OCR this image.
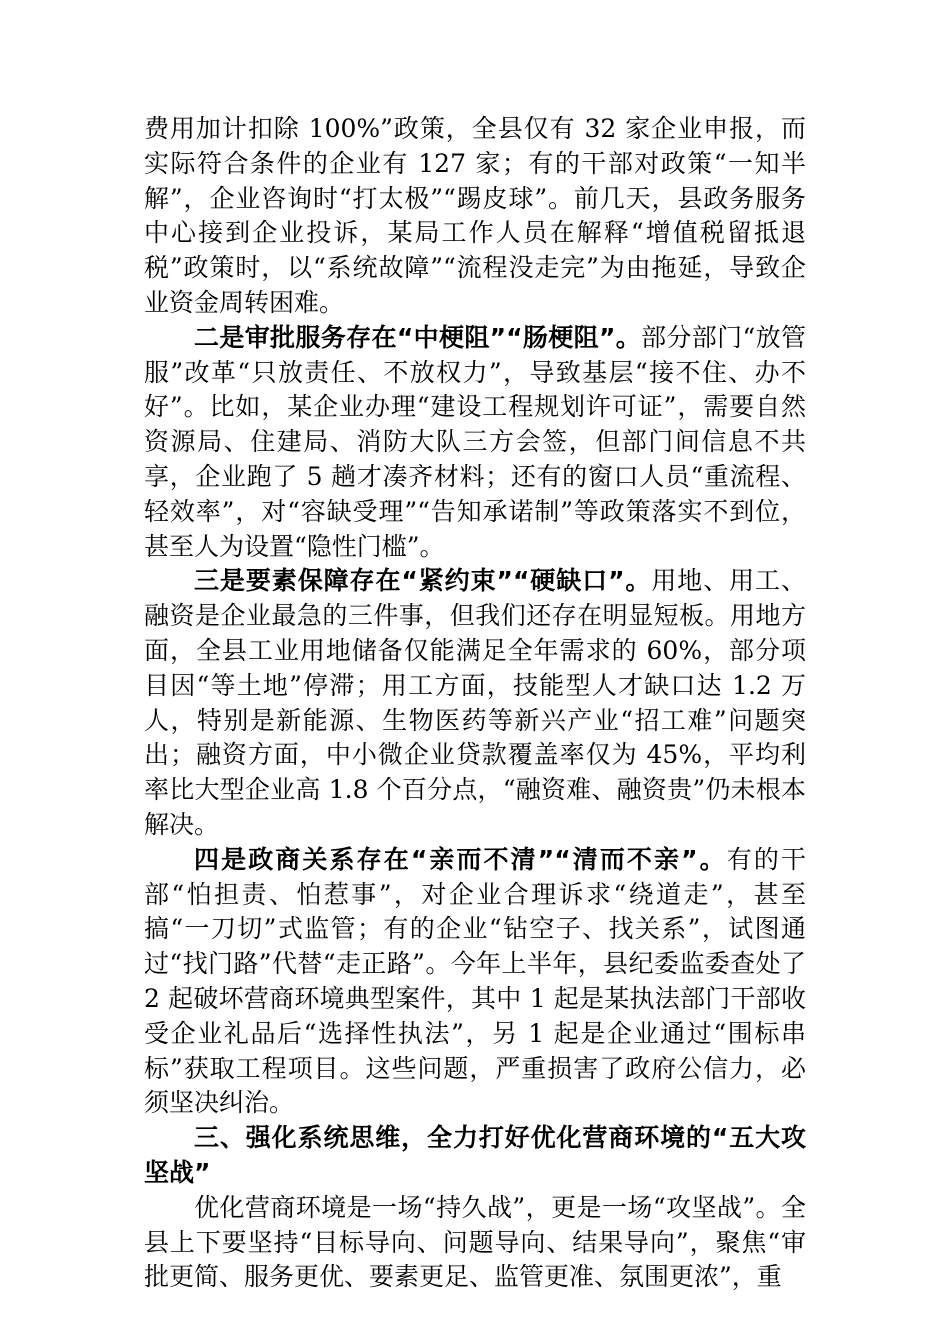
费用加计扣除 100%”政策，全县仅有 32 家企业申报，而实际符合条件的企业有 127 家；有的干部对政策“一知半解”，企业咨询时“打太极”“踢皮球”。前几天，县政务服务中心接到企业投诉，某局工作人员在解释“增值税留抵退税”政策时，以“系统故障”“流程没走完”为由拖延，导致企业资金周转困难。

二是审批服务存在“中梗阻”“肠梗阻”。部分部门“放管服”改革“只放责任、不放权力”，导致基层“接不住、办不好”。比如，某企业办理“建设工程规划许可证”，需要自然资源局、住建局、消防大队三方会签，但部门间信息不共享，企业跑了 5 趟才凑齐材料；还有的窗口人员“重流程、轻效率”，对“容缺受理”“告知承诺制”等政策落实不到位，甚至人为设置“隐性门槛”。

三是要素保障存在“紧约束”“硬缺口”。用地、用工、融资是企业最急的三件事，但我们还存在明显短板。用地方面，全县工业用地储备仅能满足全年需求的 60%，部分项目因“等土地”停滞；用工方面，技能型人才缺口达 1.2 万人，特别是新能源、生物医药等新兴产业“招工难”问题突出；融资方面，中小微企业贷款覆盖率仅为 45%，平均利率比大型企业高 1.8 个百分点，“融资难、融资贵”仍未根本解决。

四是政商关系存在“亲而不清”“清而不亲”。有的干部“怕担责、怕惹事”，对企业合理诉求“绕道走”，甚至搞“一刀切”式监管；有的企业“钻空子、找关系”，试图通过“找门路”代替“走正路”。今年上半年，县纪委监委查处了 2 起破坏营商环境典型案件，其中 1 起是某执法部门干部收受企业礼品后“选择性执法”，另 1 起是企业通过“围标串标”获取工程项目。这些问题，严重损害了政府公信力，必须坚决纠治。

三、强化系统思维，全力打好优化营商环境的“五大攻坚战”

优化营商环境是一场“持久战”，更是一场“攻坚战”。全县上下要坚持“目标导向、问题导向、结果导向”，聚焦“审批更简、服务更优、要素更足、监管更准、氛围更浓”，重
